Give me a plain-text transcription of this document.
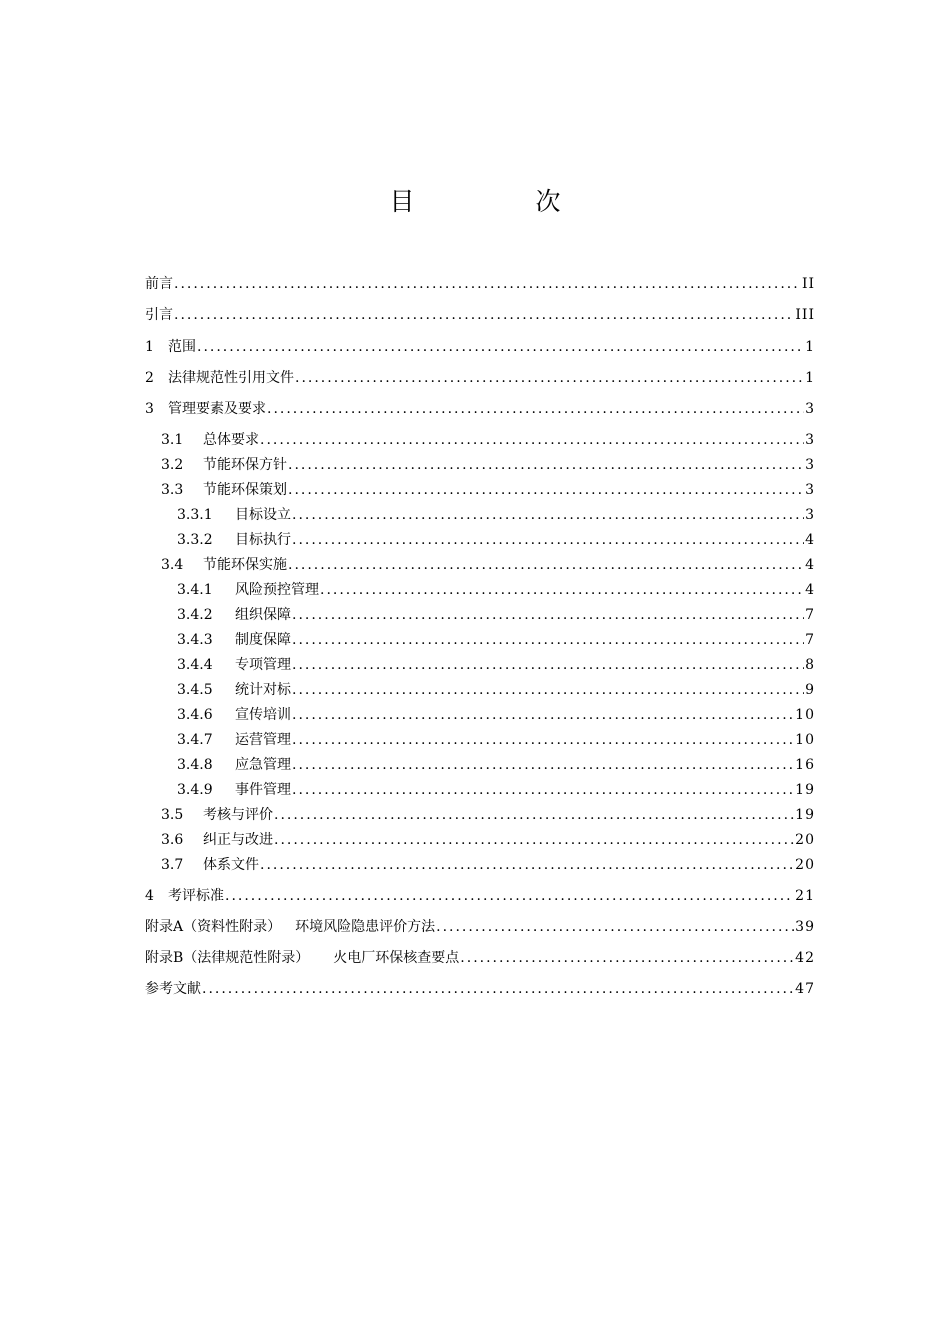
目　次
前言 .....	II
引言 .....	III
1	范围 .....	1
2	法律规范性引用文件 .....	1
3	管理要素及要求 .....	3
3.1	总体要求 .....	3
3.2	节能环保方针 .....	3
3.3	节能环保策划 .....	3
3.3.1	目标设立 .....	3
3.3.2	目标执行 .....	4
3.4	节能环保实施 .....	4
3.4.1	风险预控管理 .....	4
3.4.2	组织保障 .....	7
3.4.3	制度保障 .....	7
3.4.4	专项管理 .....	8
3.4.5	统计对标 .....	9
3.4.6	宣传培训 .....	10
3.4.7	运营管理 .....	10
3.4.8	应急管理 .....	16
3.4.9	事件管理 .....	19
3.5	考核与评价 .....	19
3.6	纠正与改进 .....	20
3.7	体系文件 .....	20
4	考评标准 .....	21
附录A（资料性附录） 环境风险隐患评价方法 .....	39
附录B（法律规范性附录） 火电厂环保核查要点 .....	42
参考文献 .....	47
